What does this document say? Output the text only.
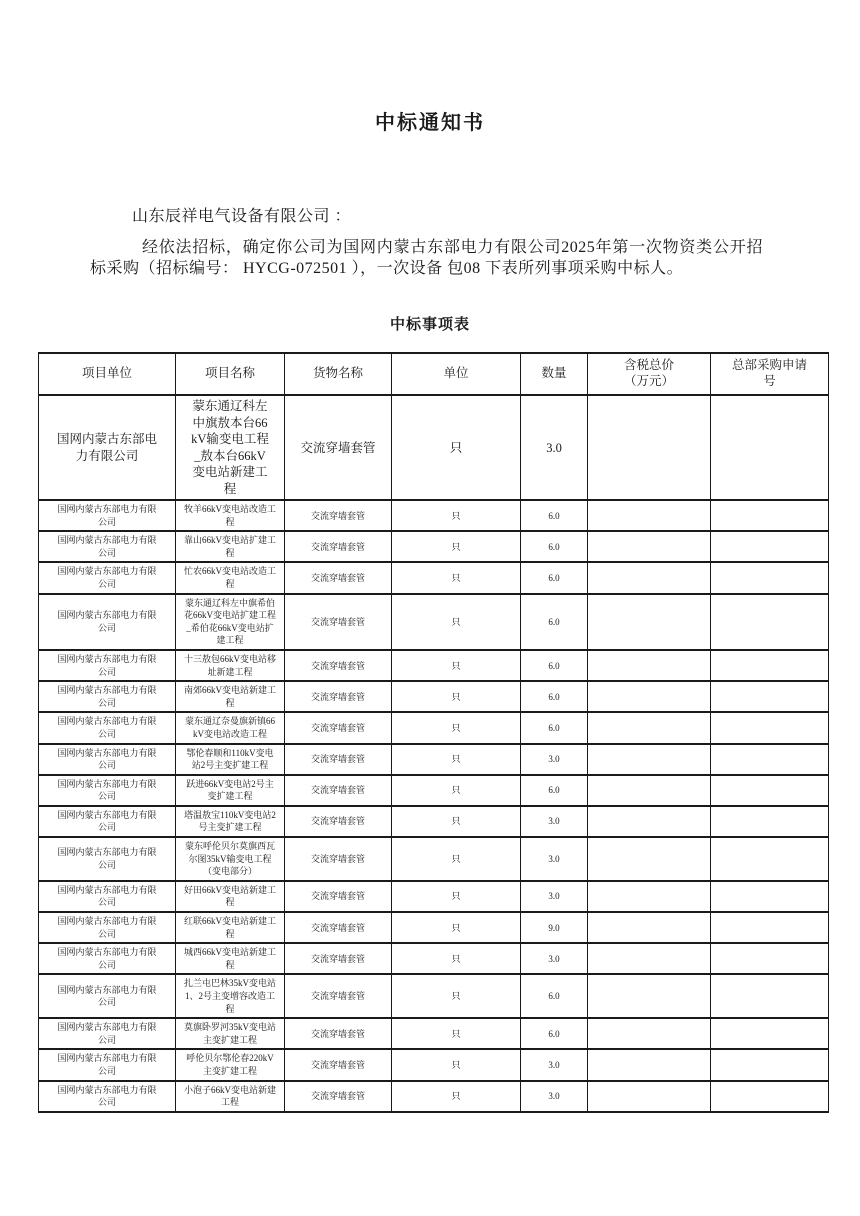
中标通知书
山东辰祥电气设备有限公司 ：

经依法招标，确定你公司为国网内蒙古东部电力有限公司2025年第一次物资类公开招标采购（招标编号： HYCG-072501 ），一次设备 包08 下表所列事项采购中标人。

中标事项表
项目单位	项目名称	货物名称	单位	数量	含税总价（万元）	总部采购申请号
国网内蒙古东部电力有限公司	蒙东通辽科左中旗敖本台66kV输变电工程_敖本台66kV变电站新建工程	交流穿墙套管	只	3.0		
国网内蒙古东部电力有限公司	牧羊66kV变电站改造工程	交流穿墙套管	只	6.0		
国网内蒙古东部电力有限公司	靠山66kV变电站扩建工程	交流穿墙套管	只	6.0		
国网内蒙古东部电力有限公司	忙农66kV变电站改造工程	交流穿墙套管	只	6.0		
国网内蒙古东部电力有限公司	蒙东通辽科左中旗希伯花66kV变电站扩建工程_希伯花66kV变电站扩建工程	交流穿墙套管	只	6.0		
国网内蒙古东部电力有限公司	十三敖包66kV变电站移址新建工程	交流穿墙套管	只	6.0		
国网内蒙古东部电力有限公司	南郊66kV变电站新建工程	交流穿墙套管	只	6.0		
国网内蒙古东部电力有限公司	蒙东通辽奈曼旗新镇66kV变电站改造工程	交流穿墙套管	只	6.0		
国网内蒙古东部电力有限公司	鄂伦春顺和110kV变电站2号主变扩建工程	交流穿墙套管	只	3.0		
国网内蒙古东部电力有限公司	跃进66kV变电站2号主变扩建工程	交流穿墙套管	只	6.0		
国网内蒙古东部电力有限公司	塔温敖宝110kV变电站2号主变扩建工程	交流穿墙套管	只	3.0		
国网内蒙古东部电力有限公司	蒙东呼伦贝尔莫旗西瓦尔图35kV输变电工程（变电部分）	交流穿墙套管	只	3.0		
国网内蒙古东部电力有限公司	好田66kV变电站新建工程	交流穿墙套管	只	3.0		
国网内蒙古东部电力有限公司	红联66kV变电站新建工程	交流穿墙套管	只	9.0		
国网内蒙古东部电力有限公司	城西66kV变电站新建工程	交流穿墙套管	只	3.0		
国网内蒙古东部电力有限公司	扎兰屯巴林35kV变电站1、2号主变增容改造工程	交流穿墙套管	只	6.0		
国网内蒙古东部电力有限公司	莫旗卧罗河35kV变电站主变扩建工程	交流穿墙套管	只	6.0		
国网内蒙古东部电力有限公司	呼伦贝尔鄂伦春220kV主变扩建工程	交流穿墙套管	只	3.0		
国网内蒙古东部电力有限公司	小泡子66kV变电站新建工程	交流穿墙套管	只	3.0		
